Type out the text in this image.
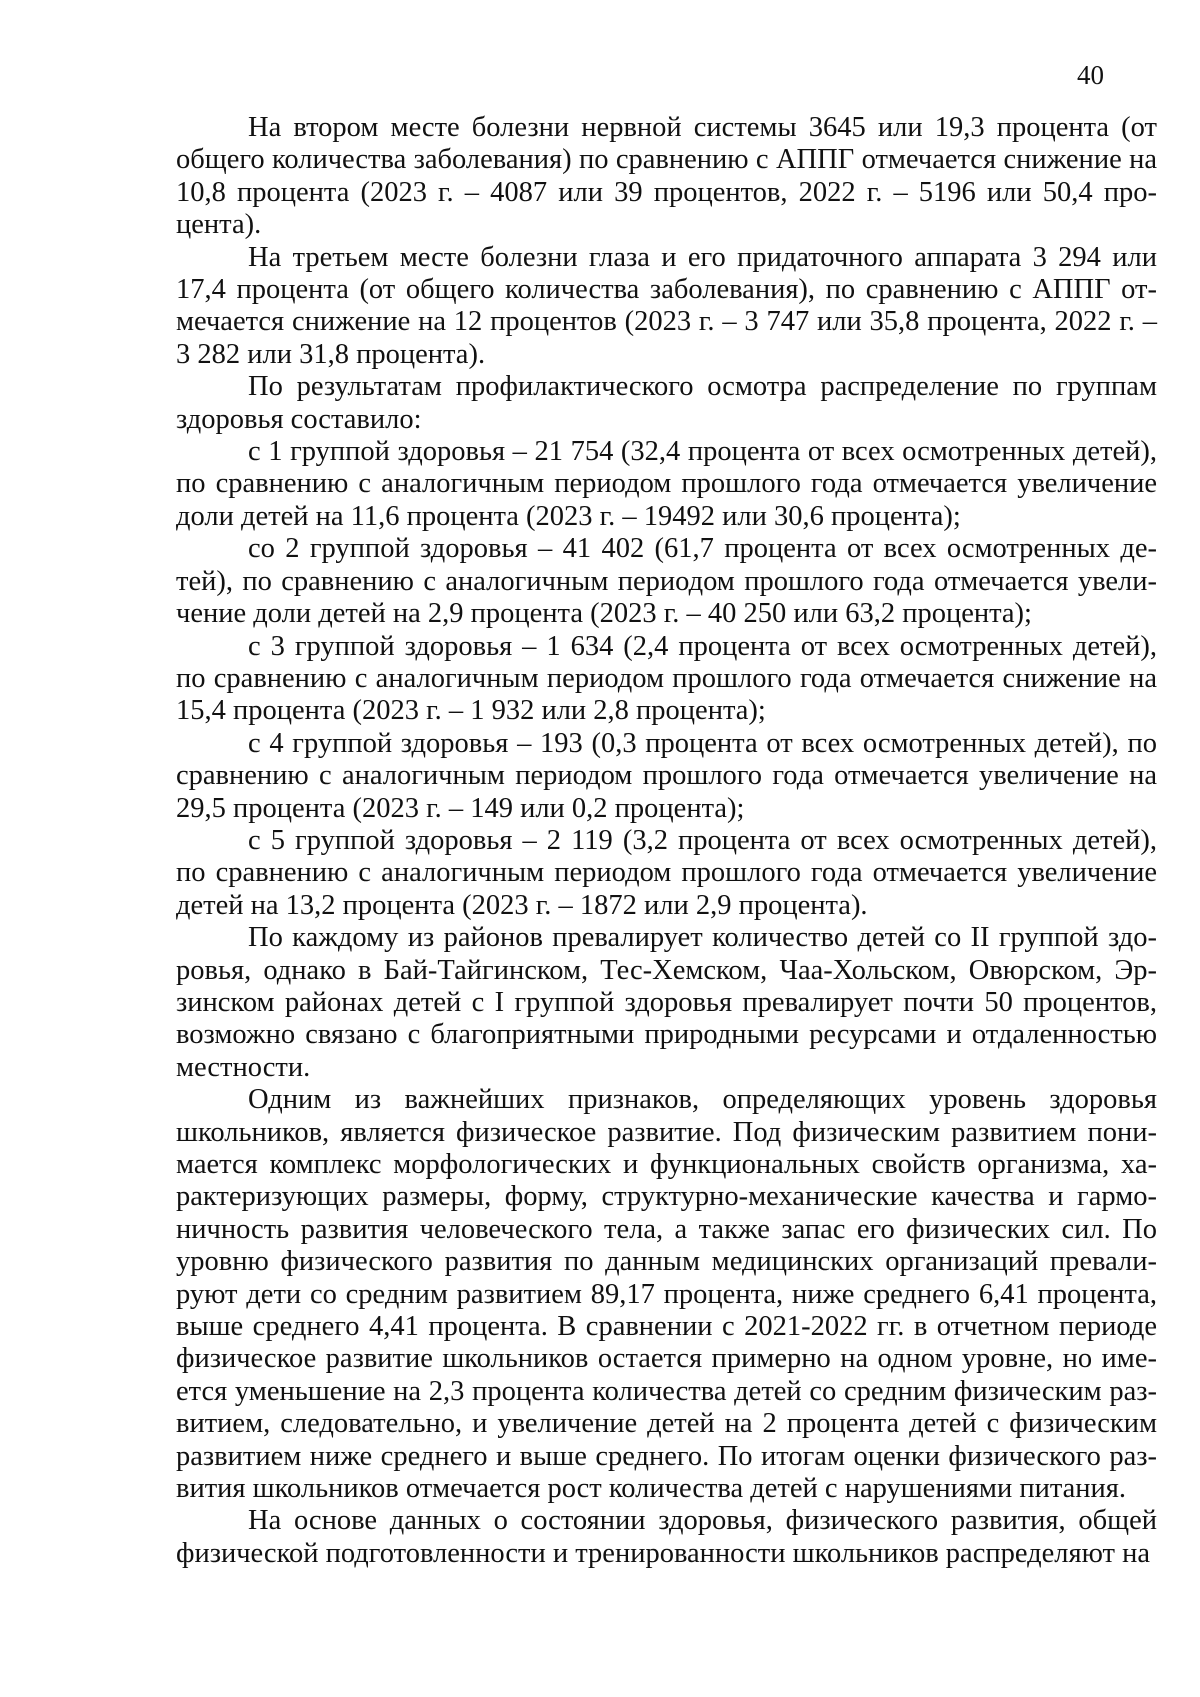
40

На втором месте болезни нервной системы 3645 или 19,3 процента (от общего количества заболевания) по сравнению с АППГ отмечается снижение на 10,8 процента (2023 г. – 4087 или 39 процентов, 2022 г. – 5196 или 50,4 процента).

На третьем месте болезни глаза и его придаточного аппарата 3 294 или 17,4 процента (от общего количества заболевания), по сравнению с АППГ отмечается снижение на 12 процентов (2023 г. – 3 747 или 35,8 процента, 2022 г. – 3 282 или 31,8 процента).

По результатам профилактического осмотра распределение по группам здоровья составило:

с 1 группой здоровья – 21 754 (32,4 процента от всех осмотренных детей), по сравнению с аналогичным периодом прошлого года отмечается увеличение доли детей на 11,6 процента (2023 г. – 19492 или 30,6 процента);

со 2 группой здоровья – 41 402 (61,7 процента от всех осмотренных детей), по сравнению с аналогичным периодом прошлого года отмечается увеличение доли детей на 2,9 процента (2023 г. – 40 250 или 63,2 процента);

с 3 группой здоровья – 1 634 (2,4 процента от всех осмотренных детей), по сравнению с аналогичным периодом прошлого года отмечается снижение на 15,4 процента (2023 г. – 1 932 или 2,8 процента);

с 4 группой здоровья – 193 (0,3 процента от всех осмотренных детей), по сравнению с аналогичным периодом прошлого года отмечается увеличение на 29,5 процента (2023 г. – 149 или 0,2 процента);

с 5 группой здоровья – 2 119 (3,2 процента от всех осмотренных детей), по сравнению с аналогичным периодом прошлого года отмечается увеличение детей на 13,2 процента (2023 г. – 1872 или 2,9 процента).

По каждому из районов превалирует количество детей со II группой здоровья, однако в Бай-Тайгинском, Тес-Хемском, Чаа-Хольском, Овюрском, Эрзинском районах детей с I группой здоровья превалирует почти 50 процентов, возможно связано с благоприятными природными ресурсами и отдаленностью местности.

Одним из важнейших признаков, определяющих уровень здоровья школьников, является физическое развитие. Под физическим развитием понимается комплекс морфологических и функциональных свойств организма, характеризующих размеры, форму, структурно-механические качества и гармоничность развития человеческого тела, а также запас его физических сил. По уровню физического развития по данным медицинских организаций превалируют дети со средним развитием 89,17 процента, ниже среднего 6,41 процента, выше среднего 4,41 процента. В сравнении с 2021-2022 гг. в отчетном периоде физическое развитие школьников остается примерно на одном уровне, но имеется уменьшение на 2,3 процента количества детей со средним физическим развитием, следовательно, и увеличение детей на 2 процента детей с физическим развитием ниже среднего и выше среднего. По итогам оценки физического развития школьников отмечается рост количества детей с нарушениями питания.

На основе данных о состоянии здоровья, физического развития, общей физической подготовленности и тренированности школьников распределяют на
